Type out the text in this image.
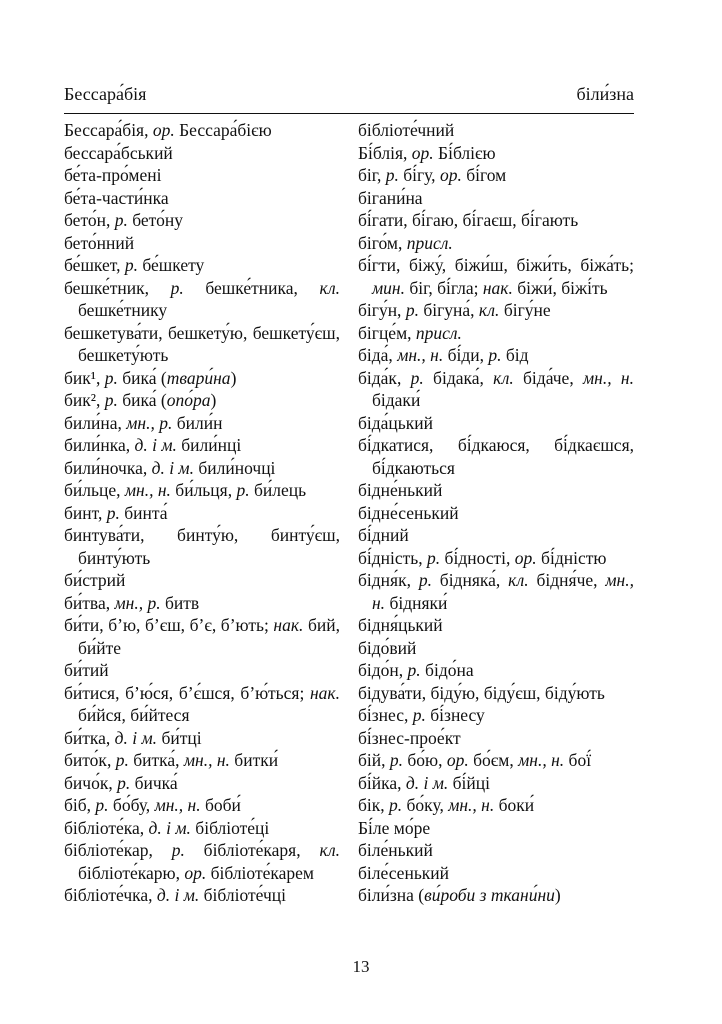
Бессара́бія	біли́зна

Бессара́бія, ор. Бессара́бією

бессара́бський

бе́та-про́мені

бе́та-части́нка

бето́н, р. бето́ну

бето́нний

бе́шкет, р. бе́шкету

бешке́тник, р. бешке́тника, кл. бешке́тнику

бешкетува́ти, бешкету́ю, бешкету́єш, бешкету́ють

бик¹, р. бика́ (твари́на)

бик², р. бика́ (опо́ра)

били́на, мн., р. били́н

били́нка, д. і м. били́нці

били́ночка, д. і м. били́ночці

би́льце, мн., н. би́льця, р. би́лець

бинт, р. бинта́

бинтува́ти, бинту́ю, бинту́єш, бинту́ють

би́стрий

би́тва, мн., р. битв

би́ти, б’ю, б’єш, б’є, б’ють; нак. бий, би́йте

би́тий

би́тися, б’ю́ся, б’є́шся, б’ю́ться; нак. би́йся, би́йтеся

би́тка, д. і м. би́тці

бито́к, р. битка́, мн., н. битки́

бичо́к, р. бичка́

біб, р. бо́бу, мн., н. боби́

бібліоте́ка, д. і м. бібліоте́ці

бібліоте́кар, р. бібліоте́каря, кл. бібліоте́карю, ор. бібліоте́карем

бібліоте́чка, д. і м. бібліоте́чці

бібліоте́чний

Бі́блія, ор. Бі́блією

біг, р. бі́гу, ор. бі́гом

бігани́на

бі́гати, бі́гаю, бі́гаєш, бі́гають

біго́м, присл.

бі́гти, біжу́, біжи́ш, біжи́ть, біжа́ть; мин. біг, бі́гла; нак. біжи́, біжі́ть

бігу́н, р. бігуна́, кл. бігу́не

бігце́м, присл.

біда́, мн., н. бі́ди, р. бід

біда́к, р. бідака́, кл. біда́че, мн., н. бідаки́

біда́цький

бі́дкатися, бі́дкаюся, бі́дкаєшся, бі́дкаються

бідне́нький

бідне́сенький

бі́дний

бі́дність, р. бі́дності, ор. бі́дністю

бідня́к, р. бідняка́, кл. бідня́че, мн., н. бідняки́

бідня́цький

бідо́вий

бідо́н, р. бідо́на

бідува́ти, біду́ю, біду́єш, біду́ють

бі́знес, р. бі́знесу

бі́знес-прое́кт

бій, р. бо́ю, ор. бо́єм, мн., н. бої́

бі́йка, д. і м. бі́йці

бік, р. бо́ку, мн., н. боки́

Бі́ле мо́ре

біле́нький

біле́сенький

біли́зна (ви́роби з ткани́ни)

13
